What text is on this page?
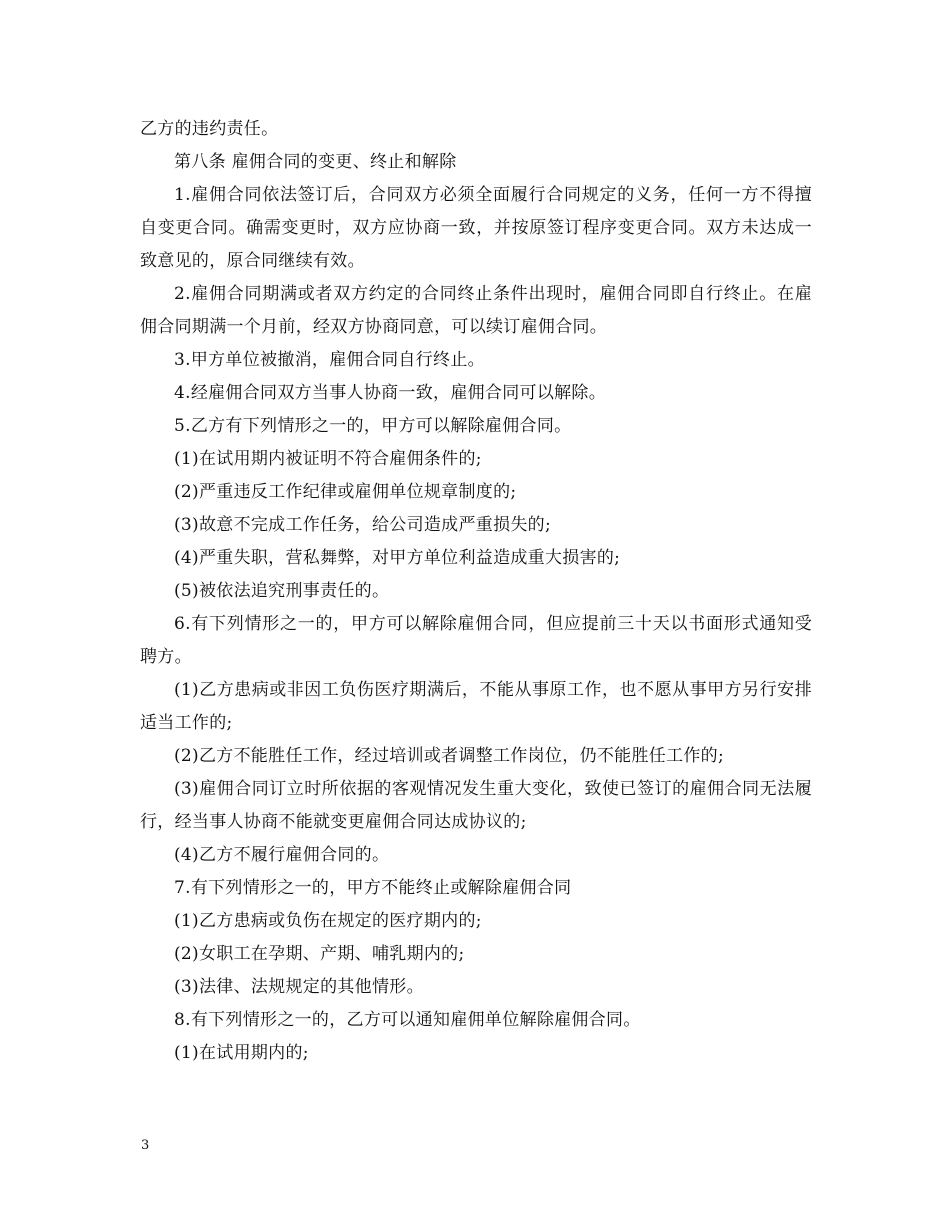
乙方的违约责任。

第八条 雇佣合同的变更、终止和解除

1.雇佣合同依法签订后，合同双方必须全面履行合同规定的义务，任何一方不得擅自变更合同。确需变更时，双方应协商一致，并按原签订程序变更合同。双方未达成一致意见的，原合同继续有效。

2.雇佣合同期满或者双方约定的合同终止条件出现时，雇佣合同即自行终止。在雇佣合同期满一个月前，经双方协商同意，可以续订雇佣合同。

3.甲方单位被撤消，雇佣合同自行终止。

4.经雇佣合同双方当事人协商一致，雇佣合同可以解除。

5.乙方有下列情形之一的，甲方可以解除雇佣合同。

(1)在试用期内被证明不符合雇佣条件的;

(2)严重违反工作纪律或雇佣单位规章制度的;

(3)故意不完成工作任务，给公司造成严重损失的;

(4)严重失职，营私舞弊，对甲方单位利益造成重大损害的;

(5)被依法追究刑事责任的。

6.有下列情形之一的，甲方可以解除雇佣合同，但应提前三十天以书面形式通知受聘方。

(1)乙方患病或非因工负伤医疗期满后，不能从事原工作，也不愿从事甲方另行安排适当工作的;

(2)乙方不能胜任工作，经过培训或者调整工作岗位，仍不能胜任工作的;

(3)雇佣合同订立时所依据的客观情况发生重大变化，致使已签订的雇佣合同无法履行，经当事人协商不能就变更雇佣合同达成协议的;

(4)乙方不履行雇佣合同的。

7.有下列情形之一的，甲方不能终止或解除雇佣合同

(1)乙方患病或负伤在规定的医疗期内的;

(2)女职工在孕期、产期、哺乳期内的;

(3)法律、法规规定的其他情形。

8.有下列情形之一的，乙方可以通知雇佣单位解除雇佣合同。

(1)在试用期内的;

3
